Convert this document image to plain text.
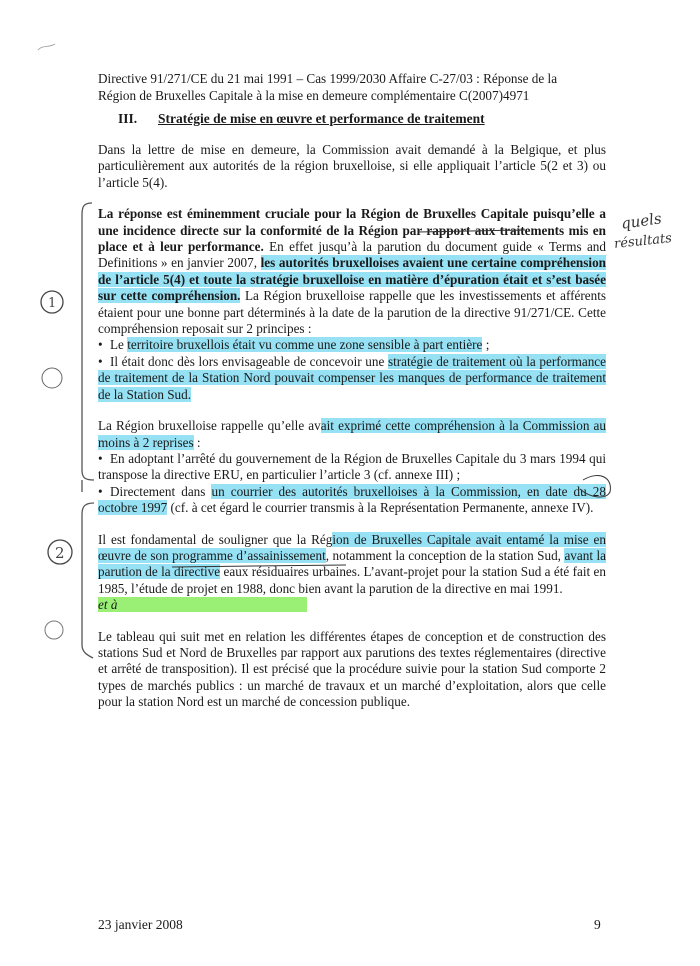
Directive 91/271/CE du 21 mai 1991 – Cas 1999/2030 Affaire C-27/03 : Réponse de la
Région de Bruxelles Capitale à la mise en demeure complémentaire C(2007)4971
III. Stratégie de mise en œuvre et performance de traitement

Dans la lettre de mise en demeure, la Commission avait demandé à la Belgique, et plus particulièrement aux autorités de la région bruxelloise, si elle appliquait l’article 5(2 et 3) ou l’article 5(4).

La réponse est éminemment cruciale pour la Région de Bruxelles Capitale puisqu’elle a une incidence directe sur la conformité de la Région par rapport aux traitements mis en place et à leur performance. En effet jusqu’à la parution du document guide « Terms and Definitions » en janvier 2007, les autorités bruxelloises avaient une certaine compréhension de l’article 5(4) et toute la stratégie bruxelloise en matière d’épuration était et s’est basée sur cette compréhension. La Région bruxelloise rappelle que les investissements et afférents étaient pour une bonne part déterminés à la date de la parution de la directive 91/271/CE. Cette compréhension reposait sur 2 principes :

• Le territoire bruxellois était vu comme une zone sensible à part entière ;

• Il était donc dès lors envisageable de concevoir une stratégie de traitement où la performance de traitement de la Station Nord pouvait compenser les manques de performance de traitement de la Station Sud.

La Région bruxelloise rappelle qu’elle avait exprimé cette compréhension à la Commission au moins à 2 reprises :

• En adoptant l’arrêté du gouvernement de la Région de Bruxelles Capitale du 3 mars 1994 qui transpose la directive ERU, en particulier l’article 3 (cf. annexe III) ;

• Directement dans un courrier des autorités bruxelloises à la Commission, en date du 28 octobre 1997 (cf. à cet égard le courrier transmis à la Représentation Permanente, annexe IV).

Il est fondamental de souligner que la Région de Bruxelles Capitale avait entamé la mise en œuvre de son programme d’assainissement, notamment la conception de la station Sud, avant la parution de la directive eaux résiduaires urbaines. L’avant-projet pour la station Sud a été fait en 1985, l’étude de projet en 1988, donc bien avant la parution de la directive en mai 1991.
et à

Le tableau qui suit met en relation les différentes étapes de conception et de construction des stations Sud et Nord de Bruxelles par rapport aux parutions des textes réglementaires (directive et arrêté de transposition). Il est précisé que la procédure suivie pour la station Sud comporte 2 types de marchés publics : un marché de travaux et un marché d’exploitation, alors que celle pour la station Nord est un marché de concession publique.

quels
résultats
1
2
23 janvier 2008	9
